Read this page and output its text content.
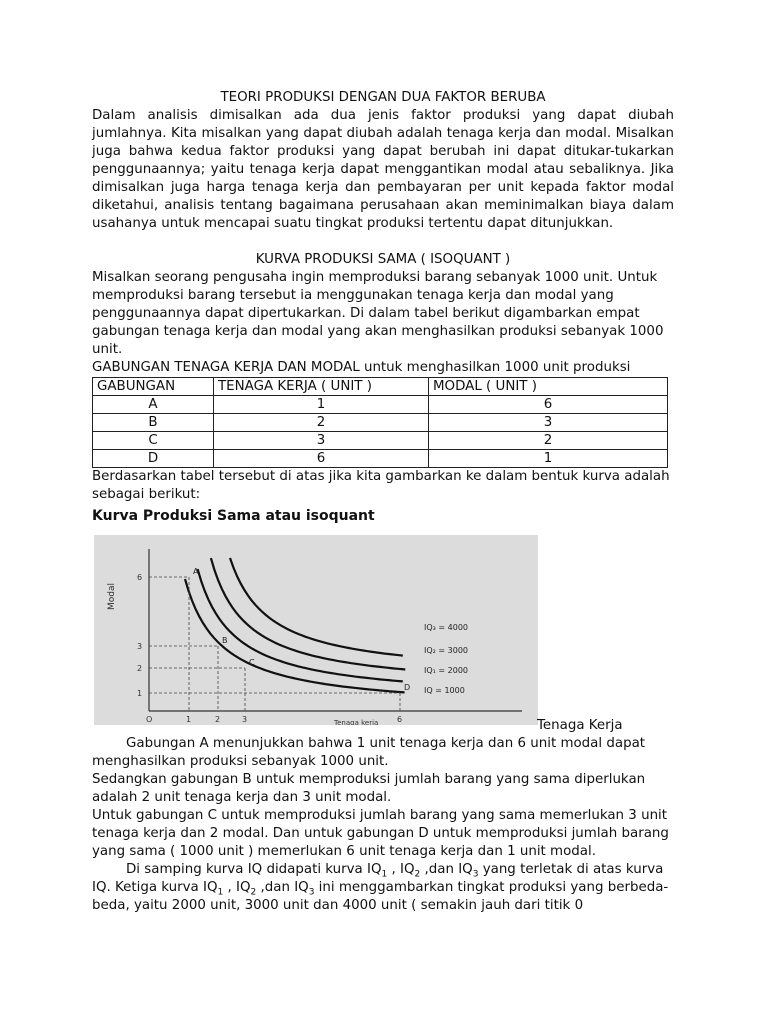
TEORI PRODUKSI DENGAN DUA FAKTOR BERUBA

Dalam analisis dimisalkan ada dua jenis faktor produksi yang dapat diubah jumlahnya. Kita misalkan yang dapat diubah adalah tenaga kerja dan modal. Misalkan juga bahwa kedua faktor produksi yang dapat berubah ini dapat ditukar-tukarkan penggunaannya; yaitu tenaga kerja dapat menggantikan modal atau sebaliknya. Jika dimisalkan juga harga tenaga kerja dan pembayaran per unit kepada faktor modal diketahui, analisis tentang bagaimana perusahaan akan meminimalkan biaya dalam usahanya untuk mencapai suatu tingkat produksi tertentu dapat ditunjukkan.

KURVA PRODUKSI SAMA ( ISOQUANT )

Misalkan seorang pengusaha ingin memproduksi barang sebanyak 1000 unit. Untuk memproduksi barang tersebut ia menggunakan tenaga kerja dan modal yang penggunaannya dapat dipertukarkan. Di dalam tabel berikut digambarkan empat gabungan tenaga kerja dan modal yang akan menghasilkan produksi sebanyak 1000 unit.

GABUNGAN TENAGA KERJA DAN MODAL untuk menghasilkan 1000 unit produksi
GABUNGAN	TENAGA KERJA ( UNIT )	MODAL ( UNIT )
A	1	6
B	2	3
C	3	2
D	6	1

Berdasarkan tabel tersebut di atas jika kita gambarkan ke dalam bentuk kurva adalah sebagai berikut:

Kurva Produksi Sama atau isoquant
Modal
Tenaga kerja
O	1	2	3	6
1
2
3
6
A
B
C
D IQ = 1000
IQ₁ = 2000
IQ₂ = 3000
IQ₃ = 4000
Tenaga Kerja

Gabungan A menunjukkan bahwa 1 unit tenaga kerja dan 6 unit modal dapat menghasilkan produksi sebanyak 1000 unit.

Sedangkan gabungan B untuk memproduksi jumlah barang yang sama diperlukan adalah 2 unit tenaga kerja dan 3 unit modal.

Untuk gabungan C untuk memproduksi jumlah barang yang sama memerlukan 3 unit tenaga kerja dan 2 modal. Dan untuk gabungan D untuk memproduksi jumlah barang yang sama ( 1000 unit ) memerlukan 6 unit tenaga kerja dan 1 unit modal.

Di samping kurva IQ didapati kurva $IQ_1$ , $IQ_2$ ,dan $IQ_3$ yang terletak di atas kurva IQ. Ketiga kurva $IQ_1$ , $IQ_2$ ,dan $IQ_3$ ini menggambarkan tingkat produksi yang berbeda-beda, yaitu 2000 unit, 3000 unit dan 4000 unit ( semakin jauh dari titik 0
